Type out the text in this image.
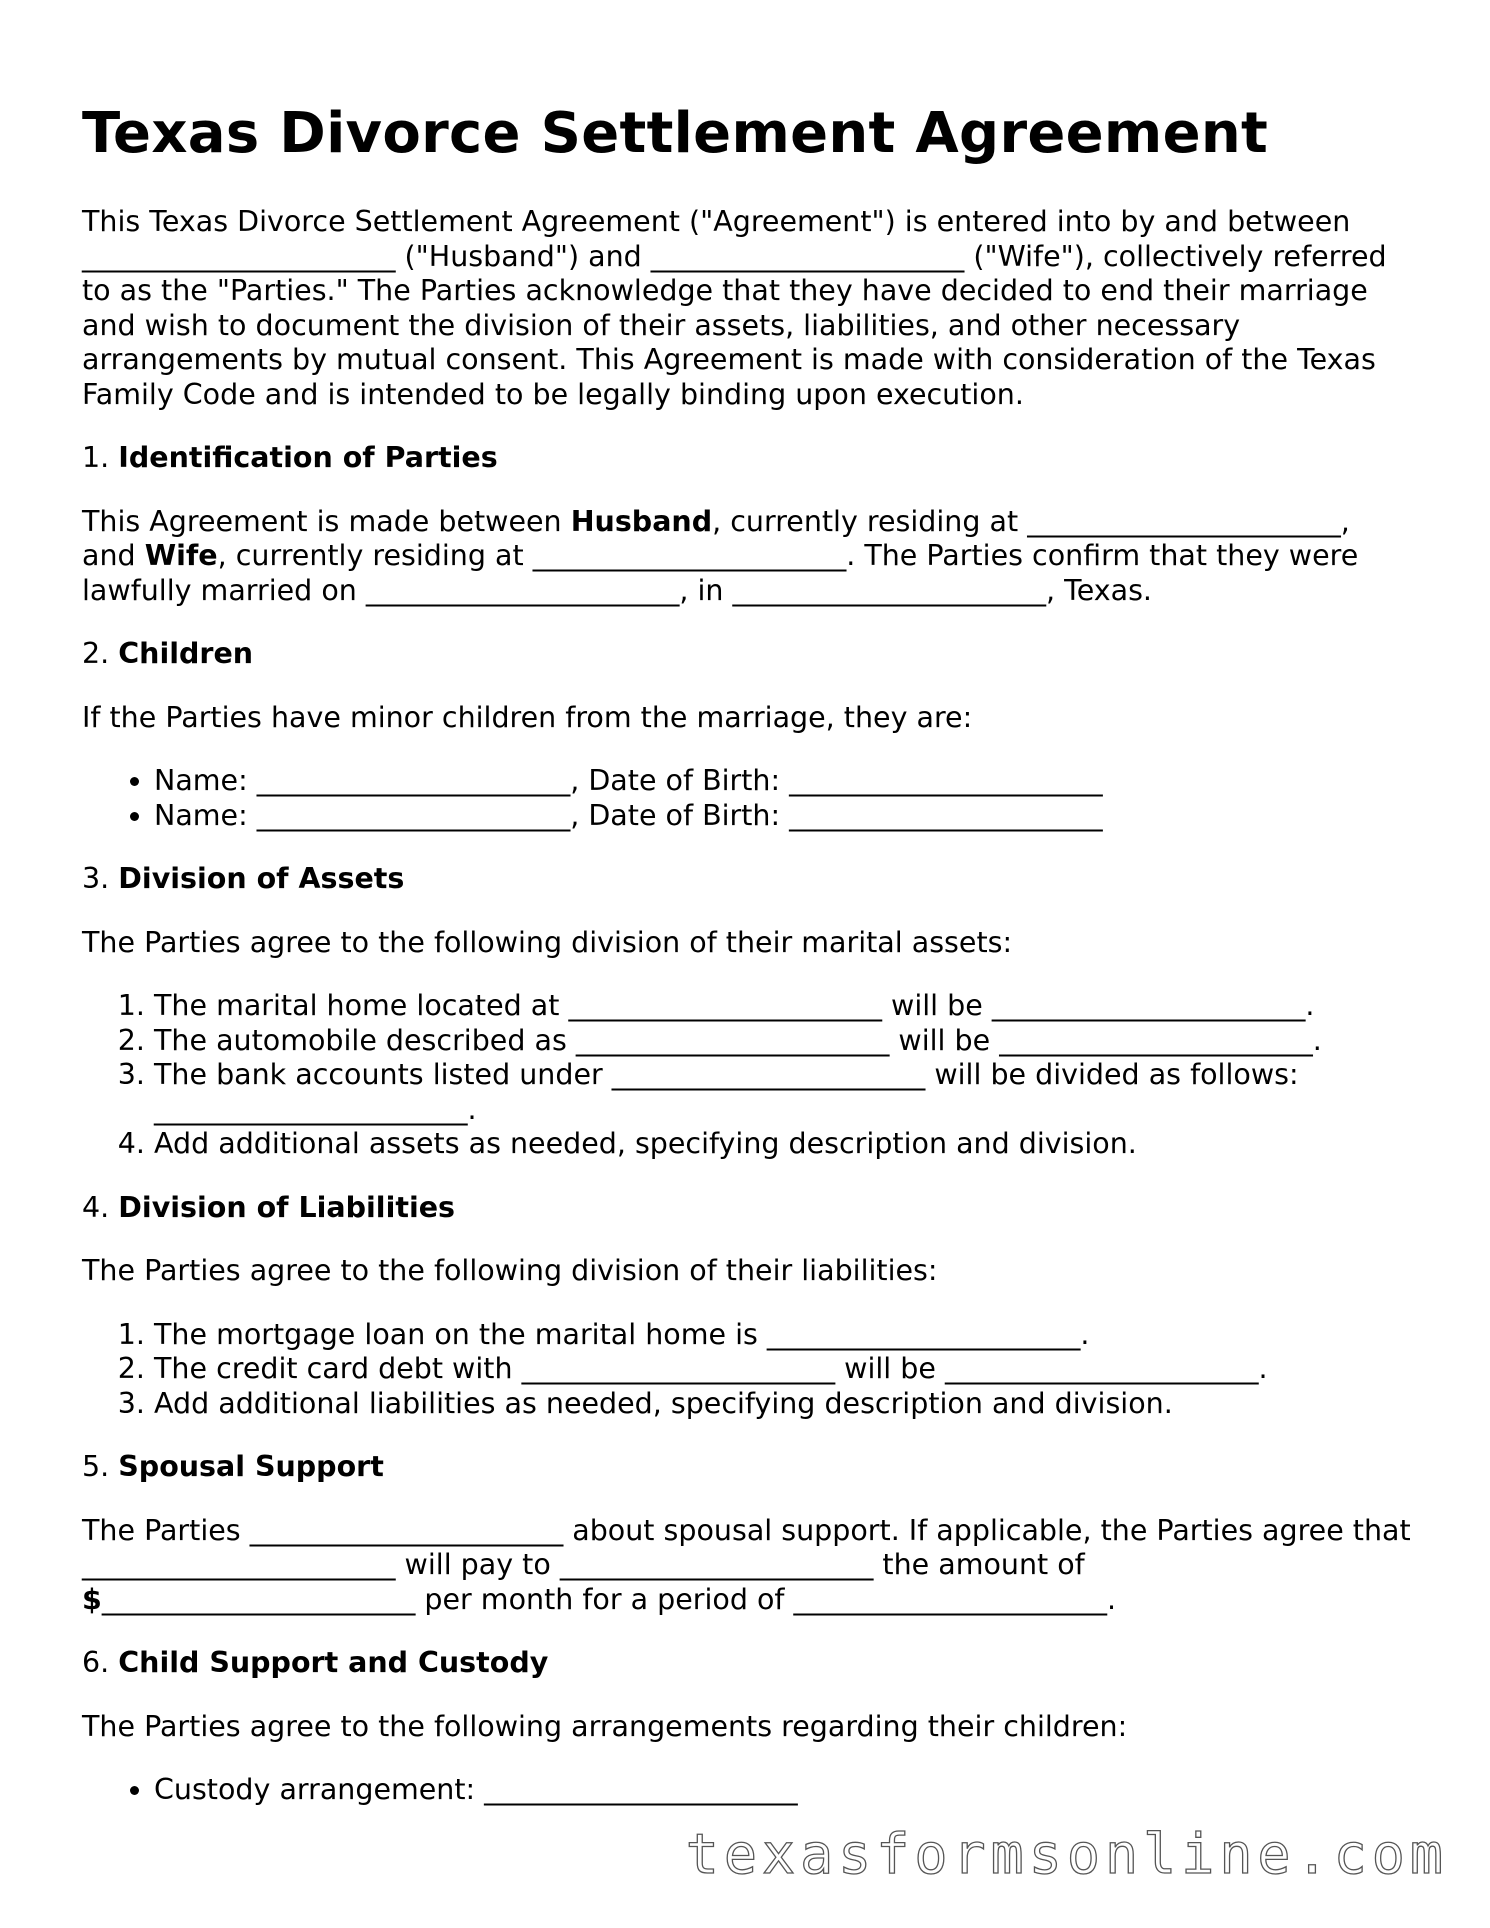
Texas Divorce Settlement Agreement

This Texas Divorce Settlement Agreement ("Agreement") is entered into by and between ______________________ ("Husband") and ______________________ ("Wife"), collectively referred to as the "Parties." The Parties acknowledge that they have decided to end their marriage and wish to document the division of their assets, liabilities, and other necessary arrangements by mutual consent. This Agreement is made with consideration of the Texas Family Code and is intended to be legally binding upon execution.

1. Identification of Parties

This Agreement is made between Husband, currently residing at ______________________, and Wife, currently residing at ______________________. The Parties confirm that they were lawfully married on ______________________, in ______________________, Texas.

2. Children

If the Parties have minor children from the marriage, they are:

• Name: ______________________, Date of Birth: ______________________
• Name: ______________________, Date of Birth: ______________________
3. Division of Assets

The Parties agree to the following division of their marital assets:

1. The marital home located at ______________________ will be ______________________.
2. The automobile described as ______________________ will be ______________________.
3. The bank accounts listed under ______________________ will be divided as follows: ______________________.
4. Add additional assets as needed, specifying description and division.
4. Division of Liabilities

The Parties agree to the following division of their liabilities:

1. The mortgage loan on the marital home is ______________________.
2. The credit card debt with ______________________ will be ______________________.
3. Add additional liabilities as needed, specifying description and division.
5. Spousal Support

The Parties ______________________ about spousal support. If applicable, the Parties agree that ______________________ will pay to ______________________ the amount of $______________________ per month for a period of ______________________.

6. Child Support and Custody

The Parties agree to the following arrangements regarding their children:

• Custody arrangement: ______________________
texasformsonline.com
